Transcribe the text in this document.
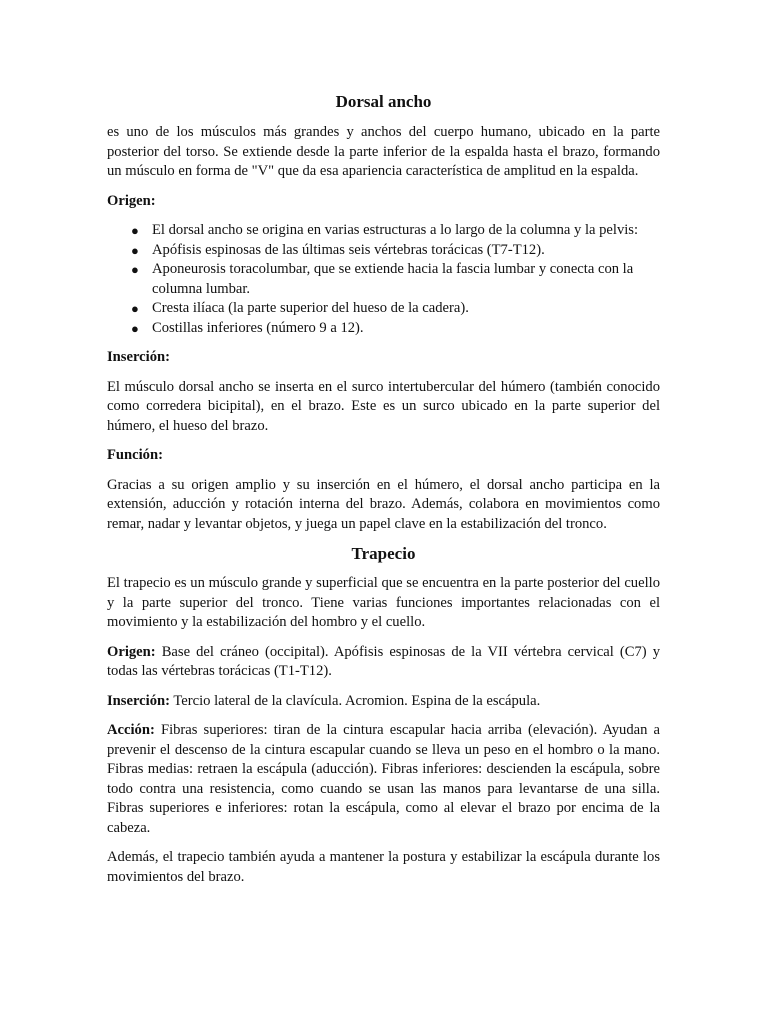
Dorsal ancho

es uno de los músculos más grandes y anchos del cuerpo humano, ubicado en la parte posterior del torso. Se extiende desde la parte inferior de la espalda hasta el brazo, formando un músculo en forma de "V" que da esa apariencia característica de amplitud en la espalda.

Origen:

● El dorsal ancho se origina en varias estructuras a lo largo de la columna y la pelvis:
● Apófisis espinosas de las últimas seis vértebras torácicas (T7-T12).
● Aponeurosis toracolumbar, que se extiende hacia la fascia lumbar y conecta con la columna lumbar.
● Cresta ilíaca (la parte superior del hueso de la cadera).
● Costillas inferiores (número 9 a 12).

Inserción:

El músculo dorsal ancho se inserta en el surco intertubercular del húmero (también conocido como corredera bicipital), en el brazo. Este es un surco ubicado en la parte superior del húmero, el hueso del brazo.

Función:

Gracias a su origen amplio y su inserción en el húmero, el dorsal ancho participa en la extensión, aducción y rotación interna del brazo. Además, colabora en movimientos como remar, nadar y levantar objetos, y juega un papel clave en la estabilización del tronco.

Trapecio

El trapecio es un músculo grande y superficial que se encuentra en la parte posterior del cuello y la parte superior del tronco. Tiene varias funciones importantes relacionadas con el movimiento y la estabilización del hombro y el cuello.

Origen: Base del cráneo (occipital). Apófisis espinosas de la VII vértebra cervical (C7) y todas las vértebras torácicas (T1-T12).

Inserción: Tercio lateral de la clavícula. Acromion. Espina de la escápula.

Acción: Fibras superiores: tiran de la cintura escapular hacia arriba (elevación). Ayudan a prevenir el descenso de la cintura escapular cuando se lleva un peso en el hombro o la mano. Fibras medias: retraen la escápula (aducción). Fibras inferiores: descienden la escápula, sobre todo contra una resistencia, como cuando se usan las manos para levantarse de una silla. Fibras superiores e inferiores: rotan la escápula, como al elevar el brazo por encima de la cabeza.

Además, el trapecio también ayuda a mantener la postura y estabilizar la escápula durante los movimientos del brazo.
